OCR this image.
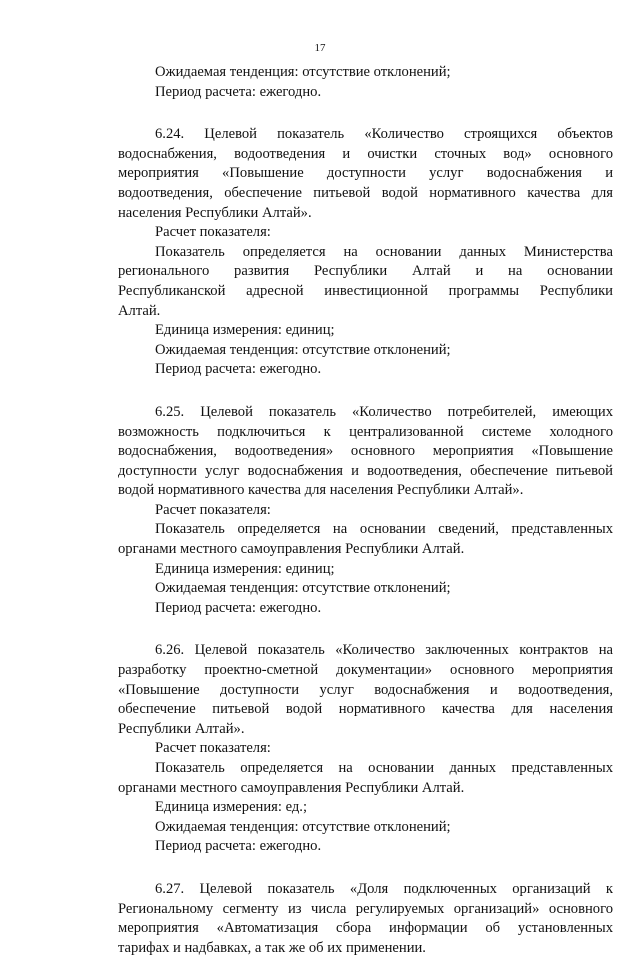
17
Ожидаемая тенденция: отсутствие отклонений;
Период расчета: ежегодно.
6.24. Целевой показатель «Количество строящихся объектов
водоснабжения, водоотведения и очистки сточных вод» основного
мероприятия «Повышение доступности услуг водоснабжения и
водоотведения, обеспечение питьевой водой нормативного качества для
населения Республики Алтай».
Расчет показателя:
Показатель определяется на основании данных Министерства
регионального развития Республики Алтай и на основании
Республиканской адресной инвестиционной программы Республики
Алтай.
Единица измерения: единиц;
Ожидаемая тенденция: отсутствие отклонений;
Период расчета: ежегодно.
6.25. Целевой показатель «Количество потребителей, имеющих
возможность подключиться к централизованной системе холодного
водоснабжения, водоотведения» основного мероприятия «Повышение
доступности услуг водоснабжения и водоотведения, обеспечение питьевой
водой нормативного качества для населения Республики Алтай».
Расчет показателя:
Показатель определяется на основании сведений, представленных
органами местного самоуправления Республики Алтай.
Единица измерения: единиц;
Ожидаемая тенденция: отсутствие отклонений;
Период расчета: ежегодно.
6.26. Целевой показатель «Количество заключенных контрактов на
разработку проектно-сметной документации» основного мероприятия
«Повышение доступности услуг водоснабжения и водоотведения,
обеспечение питьевой водой нормативного качества для населения
Республики Алтай».
Расчет показателя:
Показатель определяется на основании данных представленных
органами местного самоуправления Республики Алтай.
Единица измерения: ед.;
Ожидаемая тенденция: отсутствие отклонений;
Период расчета: ежегодно.
6.27. Целевой показатель «Доля подключенных организаций к
Региональному сегменту из числа регулируемых организаций» основного
мероприятия «Автоматизация сбора информации об установленных
тарифах и надбавках, а так же об их применении.
